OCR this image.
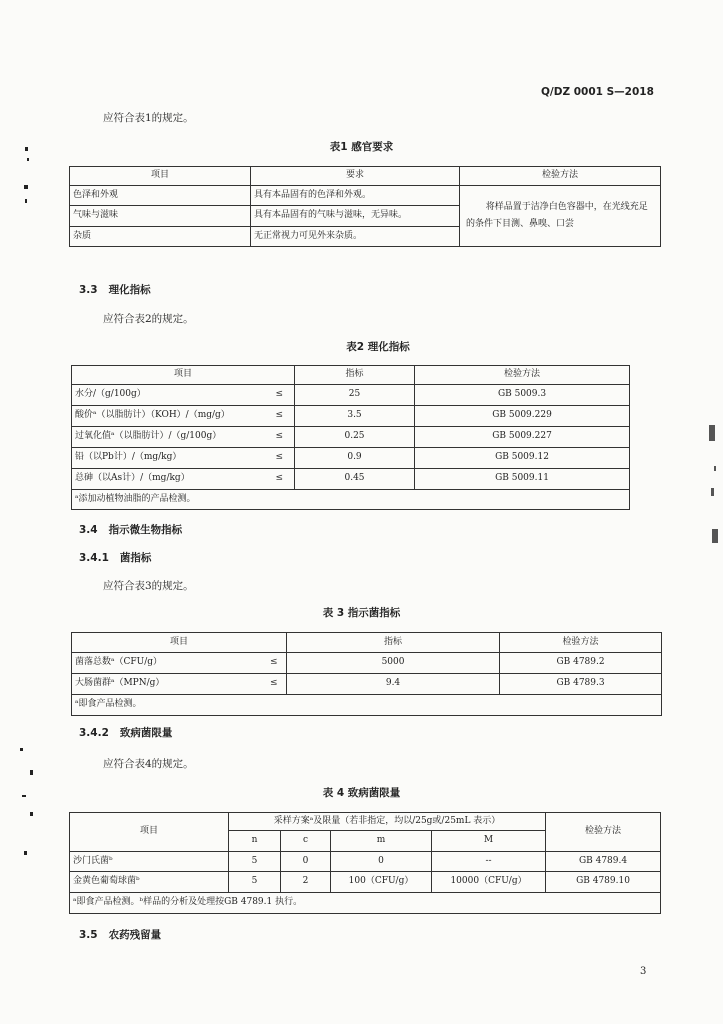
Q/DZ 0001 S—2018
应符合表1的规定。
表1 感官要求
项目	要求	检验方法
色泽和外观	具有本品固有的色泽和外观。	将样品置于洁净白色容器中，在光线充足的条件下目测、鼻嗅、口尝
气味与滋味	具有本品固有的气味与滋味，无异味。	
杂质	无正常视力可见外来杂质。	
3.3 理化指标
应符合表2的规定。
表2 理化指标
项目		指标	检验方法
水分/（g/100g）	≤	25	GB 5009.3
酸价ᵃ（以脂肪计）（KOH）/（mg/g）	≤	3.5	GB 5009.229
过氧化值ᵃ（以脂肪计）/（g/100g）	≤	0.25	GB 5009.227
铅（以Pb计）/（mg/kg）	≤	0.9	GB 5009.12
总砷（以As计）/（mg/kg）	≤	0.45	GB 5009.11
ᵃ添加动植物油脂的产品检测。			
3.4 指示微生物指标
3.4.1 菌指标
应符合表3的规定。
表 3 指示菌指标
项目		指标	检验方法
菌落总数ᵃ（CFU/g）	≤	5000	GB 4789.2
大肠菌群ᵃ（MPN/g）	≤	9.4	GB 4789.3
ᵃ即食产品检测。			
3.4.2 致病菌限量
应符合表4的规定。
表 4 致病菌限量
项目	采样方案ᵃ及限量（若非指定，均以/25g或/25mL 表示）				检验方法
	n	c	m	M	
沙门氏菌ᵇ	5	0	0	--	GB 4789.4
金黄色葡萄球菌ᵇ	5	2	100（CFU/g）	10000（CFU/g）	GB 4789.10
ᵃ即食产品检测。ᵇ样品的分析及处理按GB 4789.1 执行。					
3.5 农药残留量
3
